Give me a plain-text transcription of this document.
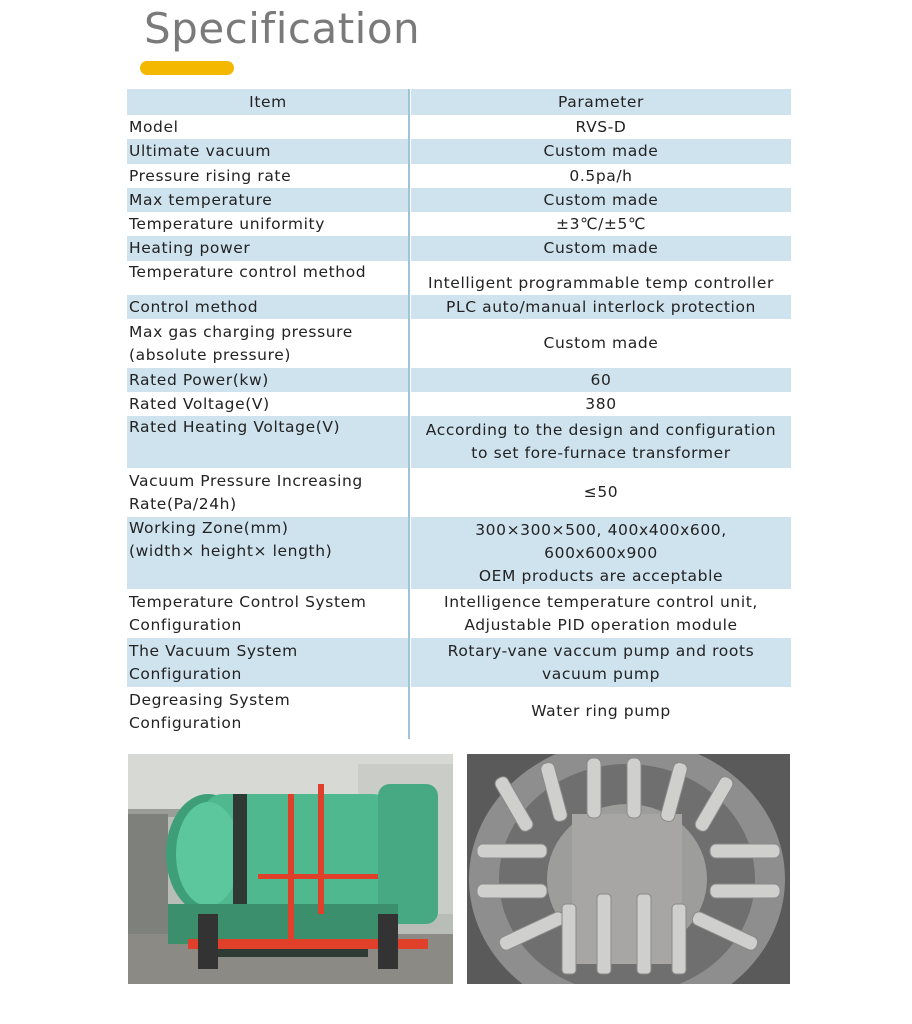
Specification
Item	Parameter
Model	RVS-D
Ultimate vacuum	Custom made
Pressure rising rate	0.5pa/h
Max temperature	Custom made
Temperature uniformity	±3℃/±5℃
Heating power	Custom made
Temperature control method	Intelligent programmable temp controller
Control method	PLC auto/manual interlock protection
Max gas charging pressure
(absolute pressure)	Custom made
Rated Power(kw)	60
Rated Voltage(V)	380
Rated Heating Voltage(V)	According to the design and configuration
to set fore-furnace transformer
Vacuum Pressure Increasing
Rate(Pa/24h)	≤50
Working Zone(mm)
(width× height× length)	300×300×500, 400x400x600,
600x600x900
OEM products are acceptable
Temperature Control System
Configuration	Intelligence temperature control unit,
Adjustable PID operation module
The Vacuum System
Configuration	Rotary-vane vaccum pump and roots
vacuum pump
Degreasing System
Configuration	Water ring pump
